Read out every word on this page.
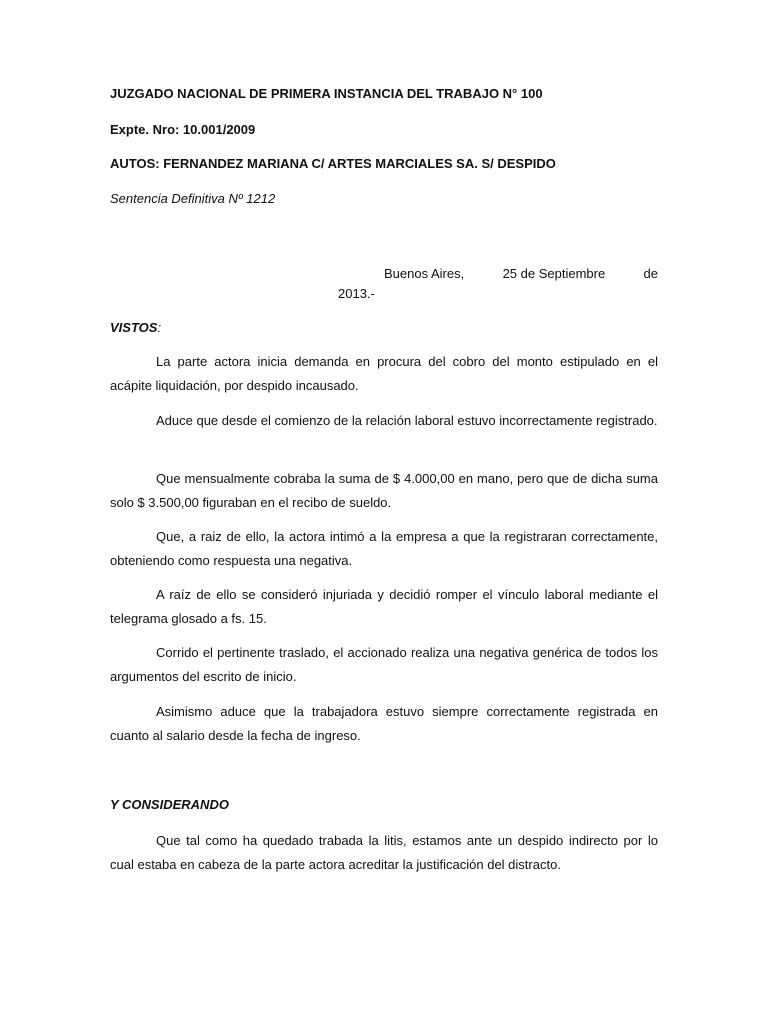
JUZGADO NACIONAL DE PRIMERA INSTANCIA DEL TRABAJO N° 100
Expte. Nro: 10.001/2009
AUTOS: FERNANDEZ MARIANA C/ ARTES MARCIALES SA. S/ DESPIDO
Sentencia Definitiva Nº 1212
Buenos Aires,	25 de Septiembre	de
2013.-
VISTOS:

La parte actora inicia demanda en procura del cobro del monto estipulado en el acápite liquidación, por despido incausado.

Aduce que desde el comienzo de la relación laboral estuvo incorrectamente registrado.

Que mensualmente cobraba la suma de $ 4.000,00 en mano, pero que de dicha suma solo $ 3.500,00 figuraban en el recibo de sueldo.

Que, a raiz de ello, la actora intimó a la empresa a que la registraran correctamente, obteniendo como respuesta una negativa.

A raíz de ello se consideró injuriada y decidió romper el vínculo laboral mediante el telegrama glosado a fs. 15.

Corrido el pertinente traslado, el accionado realiza una negativa genérica de todos los argumentos del escrito de inicio.

Asimismo aduce que la trabajadora estuvo siempre correctamente registrada en cuanto al salario desde la fecha de ingreso.

Y CONSIDERANDO

Que tal como ha quedado trabada la litis, estamos ante un despido indirecto por lo cual estaba en cabeza de la parte actora acreditar la justificación del distracto.
